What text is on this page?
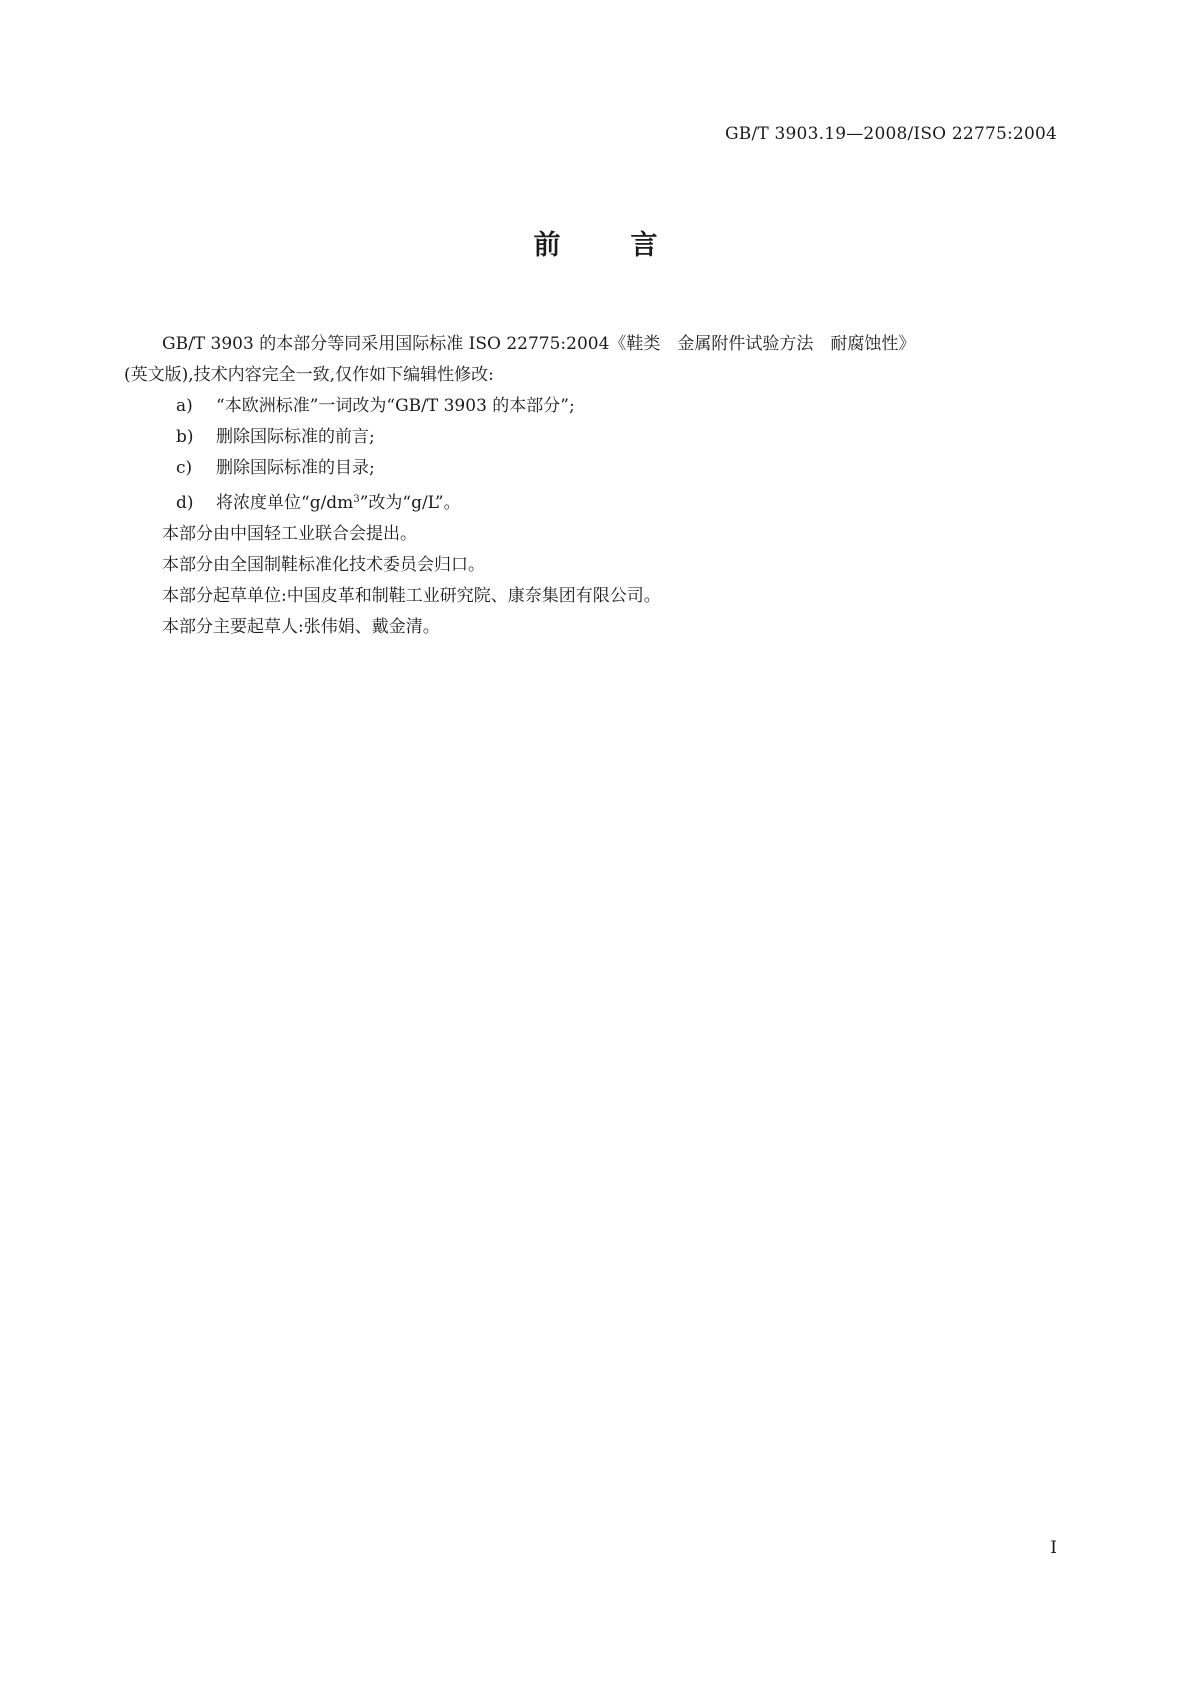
GB/T 3903.19—2008/ISO 22775:2004
前	言

GB/T 3903 的本部分等同采用国际标准 ISO 22775:2004《鞋类　金属附件试验方法　耐腐蚀性》

(英文版),技术内容完全一致,仅作如下编辑性修改:

a) “本欧洲标准”一词改为“GB/T 3903 的本部分”;

b) 删除国际标准的前言;

c) 删除国际标准的目录;

d) 将浓度单位“$g/dm^3$”改为“g/L”。

本部分由中国轻工业联合会提出。

本部分由全国制鞋标准化技术委员会归口。

本部分起草单位:中国皮革和制鞋工业研究院、康奈集团有限公司。

本部分主要起草人:张伟娟、戴金清。

I
